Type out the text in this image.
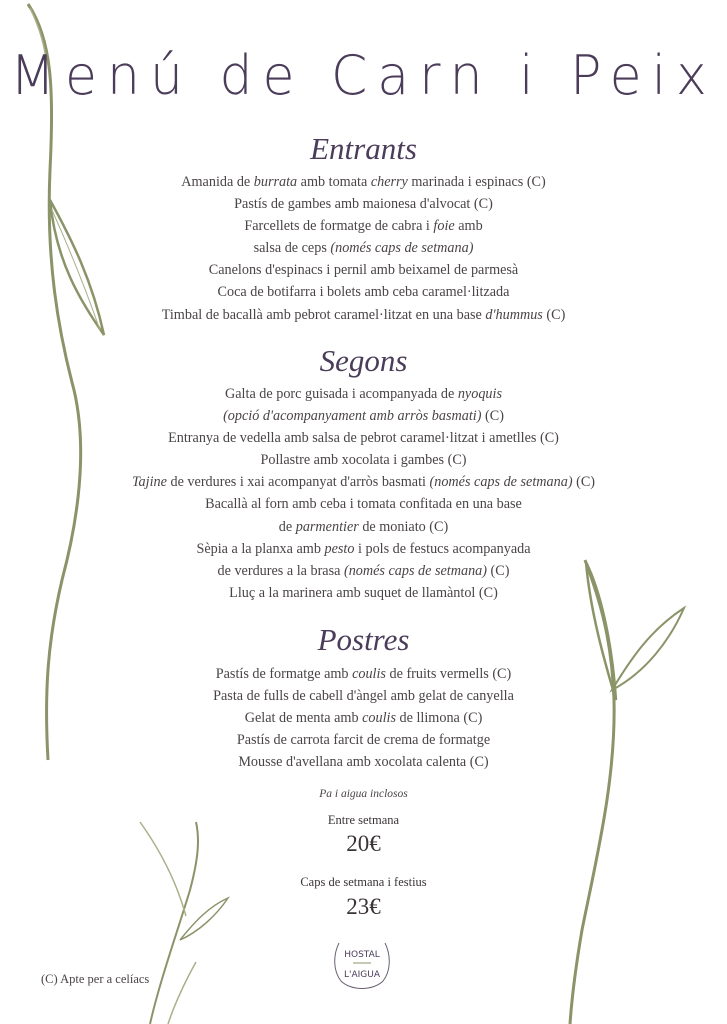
Menú de Carn i Peix
Entrants
Amanida de burrata amb tomata cherry marinada i espinacs (C)
Pastís de gambes amb maionesa d'alvocat (C)
Farcellets de formatge de cabra i foie amb
salsa de ceps (només caps de setmana)
Canelons d'espinacs i pernil amb beixamel de parmesà
Coca de botifarra i bolets amb ceba caramel·litzada
Timbal de bacallà amb pebrot caramel·litzat en una base d'hummus (C)
Segons
Galta de porc guisada i acompanyada de nyoquis
(opció d'acompanyament amb arròs basmati) (C)
Entranya de vedella amb salsa de pebrot caramel·litzat i ametlles (C)
Pollastre amb xocolata i gambes (C)
Tajine de verdures i xai acompanyat d'arròs basmati (només caps de setmana) (C)
Bacallà al forn amb ceba i tomata confitada en una base
de parmentier de moniato (C)
Sèpia a la planxa amb pesto i pols de festucs acompanyada
de verdures a la brasa (només caps de setmana) (C)
Lluç a la marinera amb suquet de llamàntol (C)
Postres
Pastís de formatge amb coulis de fruits vermells (C)
Pasta de fulls de cabell d'àngel amb gelat de canyella
Gelat de menta amb coulis de llimona (C)
Pastís de carrota farcit de crema de formatge
Mousse d'avellana amb xocolata calenta (C)
Pa i aigua inclosos
Entre setmana
20€
Caps de setmana i festius
23€
HOSTAL
L'AIGUA
(C) Apte per a celíacs
